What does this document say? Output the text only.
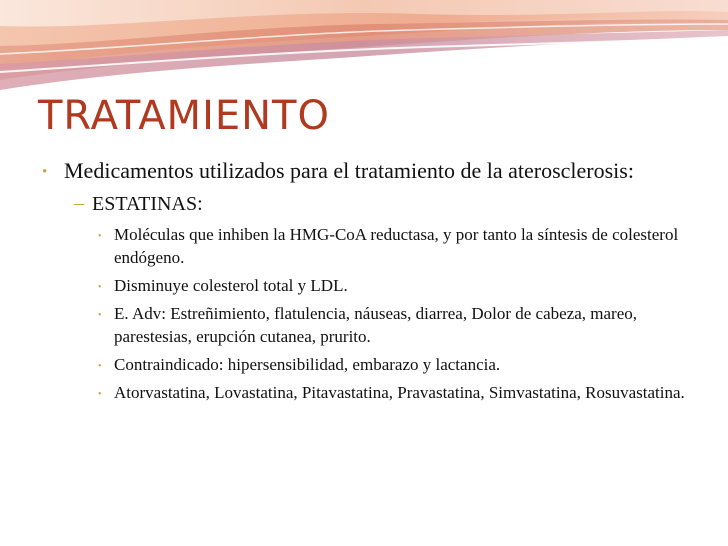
TRATAMIENTO
• Medicamentos utilizados para el tratamiento de la aterosclerosis:
– ESTATINAS:
• Moléculas que inhiben la HMG-CoA reductasa, y por tanto la síntesis de colesterol endógeno.
• Disminuye colesterol total y LDL.
• E. Adv: Estreñimiento, flatulencia, náuseas, diarrea, Dolor de cabeza, mareo, parestesias, erupción cutanea, prurito.
• Contraindicado: hipersensibilidad, embarazo y lactancia.
• Atorvastatina, Lovastatina, Pitavastatina, Pravastatina, Simvastatina, Rosuvastatina.
